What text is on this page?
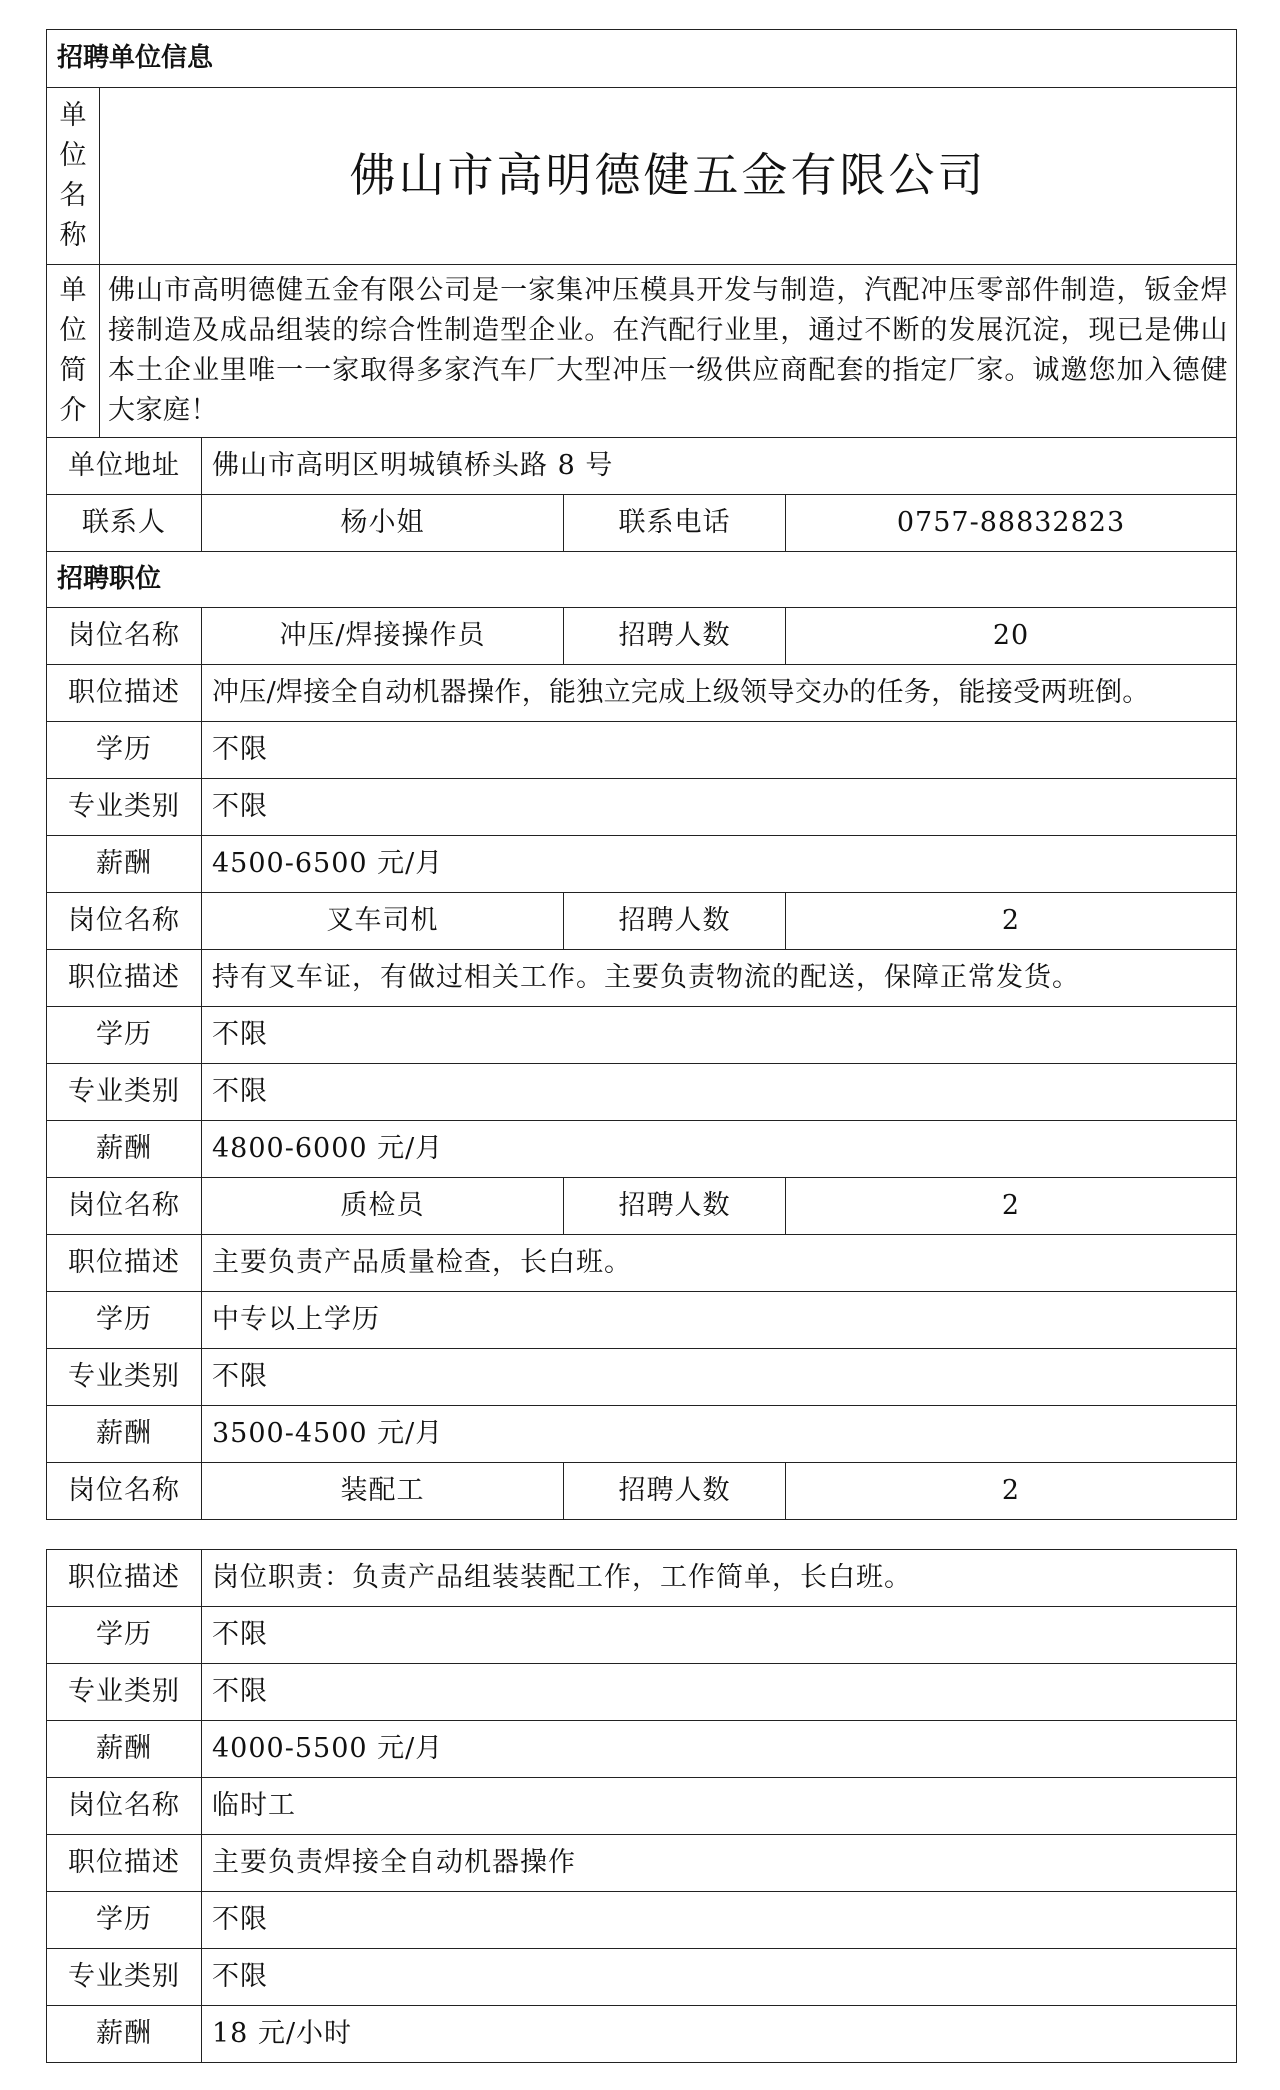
招聘单位信息

单
位
名
称
	佛山市高明德健五金有限公司

单
位
简
介
	佛山市高明德健五金有限公司是一家集冲压模具开发与制造，汽配冲压零部件制造，钣金焊接制造及成品组装的综合性制造型企业。在汽配行业里，通过不断的发展沉淀，现已是佛山本土企业里唯一一家取得多家汽车厂大型冲压一级供应商配套的指定厂家。诚邀您加入德健大家庭！

单位地址	佛山市高明区明城镇桥头路 8 号
联系人	杨小姐	联系电话	0757-88832823
招聘职位
岗位名称	冲压/焊接操作员	招聘人数	20
职位描述	冲压/焊接全自动机器操作，能独立完成上级领导交办的任务，能接受两班倒。
学历	不限
专业类别	不限
薪酬	4500-6500 元/月
岗位名称	叉车司机	招聘人数	2
职位描述	持有叉车证，有做过相关工作。主要负责物流的配送，保障正常发货。
学历	不限
专业类别	不限
薪酬	4800-6000 元/月
岗位名称	质检员	招聘人数	2
职位描述	主要负责产品质量检查，长白班。
学历	中专以上学历
专业类别	不限
薪酬	3500-4500 元/月
岗位名称	装配工	招聘人数	2
职位描述	岗位职责：负责产品组装装配工作，工作简单，长白班。
学历	不限
专业类别	不限
薪酬	4000-5500 元/月
岗位名称	临时工
职位描述	主要负责焊接全自动机器操作
学历	不限
专业类别	不限
薪酬	18 元/小时
